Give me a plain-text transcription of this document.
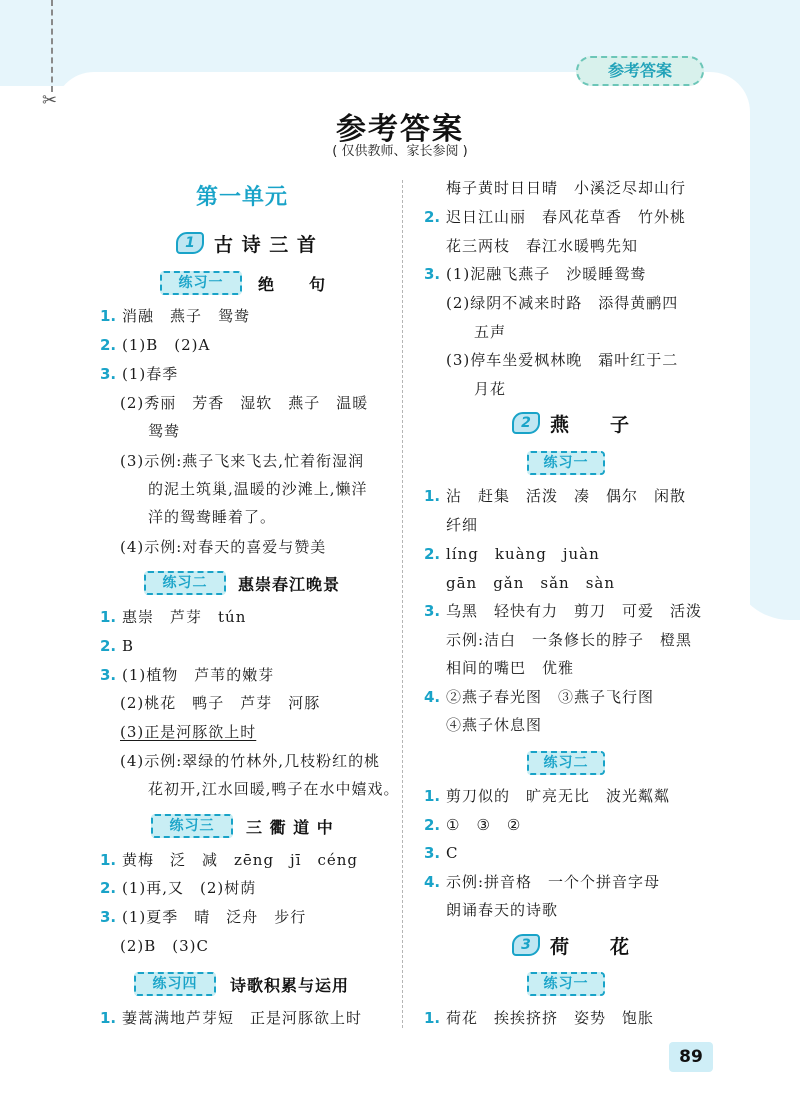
✂
参考答案
参考答案
( 仅供教师、家长参阅 )
第一单元
1	古 诗 三 首
练习一	绝　　句
练习二	惠崇春江晚景
练习三	三 衢 道 中
练习四	诗歌积累与运用
2	燕　　子
练习一
练习二
3	荷　　花
练习一
89
1. 消融　燕子　鸳鸯
2. (1)B　(2)A
3. (1)春季
(2)秀丽　芳香　湿软　燕子　温暖
鸳鸯
(3)示例:燕子飞来飞去,忙着衔湿润
的泥土筑巢,温暖的沙滩上,懒洋
洋的鸳鸯睡着了。
(4)示例:对春天的喜爱与赞美
1. 惠崇　芦芽　tún
2. B
3. (1)植物　芦苇的嫩芽
(2)桃花　鸭子　芦芽　河豚
(3)正是河豚欲上时
(4)示例:翠绿的竹林外,几枝粉红的桃
花初开,江水回暖,鸭子在水中嬉戏。
1. 黄梅　泛　减　zēng　jī　céng
2. (1)再,又　(2)树荫
3. (1)夏季　晴　泛舟　步行
(2)B　(3)C
1. 萋蒿满地芦芽短　正是河豚欲上时
梅子黄时日日晴　小溪泛尽却山行
2. 迟日江山丽　春风花草香　竹外桃
花三两枝　春江水暖鸭先知
3. (1)泥融飞燕子　沙暖睡鸳鸯
(2)绿阴不减来时路　添得黄鹂四
五声
(3)停车坐爱枫林晚　霜叶红于二
月花
1. 沾　赶集　活泼　凑　偶尔　闲散
纤细
2. líng　kuàng　juàn
gān　gǎn　sǎn　sàn
3. 乌黑　轻快有力　剪刀　可爱　活泼
示例:洁白　一条修长的脖子　橙黑
相间的嘴巴　优雅
4. ②燕子春光图　③燕子飞行图
④燕子休息图
1. 剪刀似的　旷亮无比　波光粼粼
2. ①　③　②
3. C
4. 示例:拼音格　一个个拼音字母
朗诵春天的诗歌
1. 荷花　挨挨挤挤　姿势　饱胀
